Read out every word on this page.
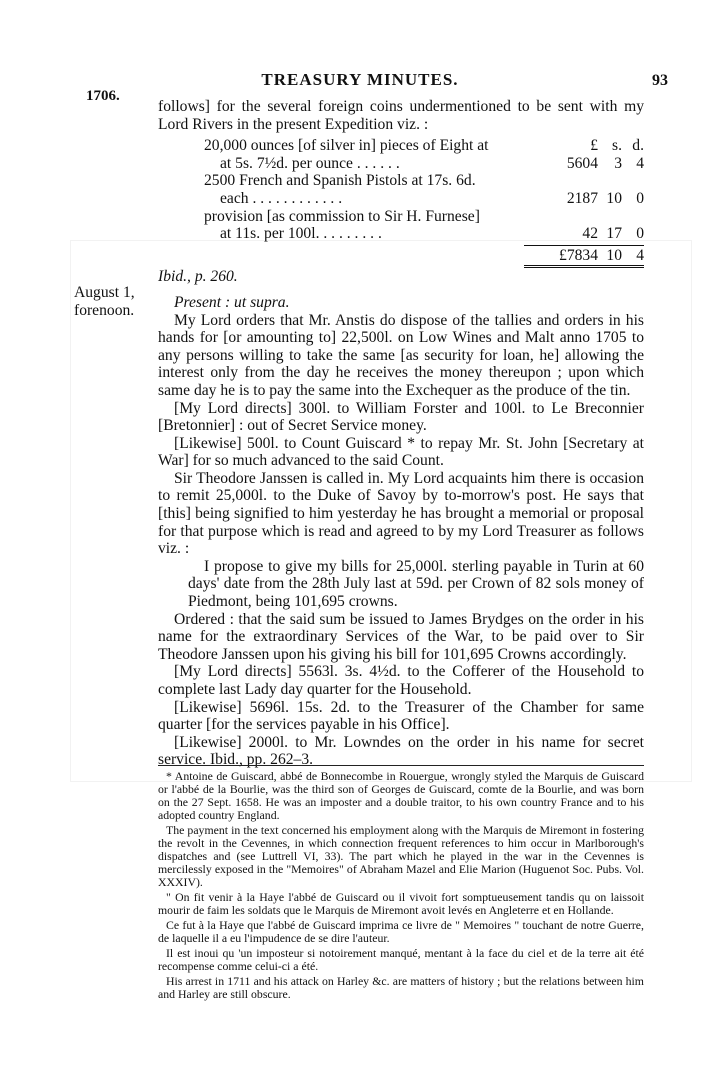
1706.
TREASURY MINUTES.	93
August 1,
forenoon.

follows] for the several foreign coins undermentioned to be sent with my Lord Rivers in the present Expedition viz. :

20,000 ounces [of silver in] pieces of Eight at	£ s. d.
at 5s. 7½d. per ounce . . . . . .	5604	3 4
2500 French and Spanish Pistols at 17s. 6d.
each . . . . . . . . . . . .	2187 10 0
provision [as commission to Sir H. Furnese]
at 11s. per 100l. . . . . . . . .	42 17 0
£7834 10 4

Ibid., p. 260.

Present : ut supra.

My Lord orders that Mr. Anstis do dispose of the tallies and orders in his hands for [or amounting to] 22,500l. on Low Wines and Malt anno 1705 to any persons willing to take the same [as security for loan, he] allowing the interest only from the day he receives the money thereupon ; upon which same day he is to pay the same into the Exchequer as the produce of the tin.

[My Lord directs] 300l. to William Forster and 100l. to Le Breconnier [Bretonnier] : out of Secret Service money.

[Likewise] 500l. to Count Guiscard * to repay Mr. St. John [Secretary at War] for so much advanced to the said Count.

Sir Theodore Janssen is called in. My Lord acquaints him there is occasion to remit 25,000l. to the Duke of Savoy by to-morrow's post. He says that [this] being signified to him yesterday he has brought a memorial or proposal for that purpose which is read and agreed to by my Lord Treasurer as follows viz. :

I propose to give my bills for 25,000l. sterling payable in Turin at 60 days' date from the 28th July last at 59d. per Crown of 82 sols money of Piedmont, being 101,695 crowns.

Ordered : that the said sum be issued to James Brydges on the order in his name for the extraordinary Services of the War, to be paid over to Sir Theodore Janssen upon his giving his bill for 101,695 Crowns accordingly.

[My Lord directs] 5563l. 3s. 4½d. to the Cofferer of the Household to complete last Lady day quarter for the Household.

[Likewise] 5696l. 15s. 2d. to the Treasurer of the Chamber for same quarter [for the services payable in his Office].

[Likewise] 2000l. to Mr. Lowndes on the order in his name for secret service. Ibid., pp. 262–3.

* Antoine de Guiscard, abbé de Bonnecombe in Rouergue, wrongly styled the Marquis de Guiscard or l'abbé de la Bourlie, was the third son of Georges de Guiscard, comte de la Bourlie, and was born on the 27 Sept. 1658. He was an imposter and a double traitor, to his own country France and to his adopted country England.

The payment in the text concerned his employment along with the Marquis de Miremont in fostering the revolt in the Cevennes, in which connection frequent references to him occur in Marlborough's dispatches and (see Luttrell VI, 33). The part which he played in the war in the Cevennes is mercilessly exposed in the "Memoires" of Abraham Mazel and Elie Marion (Huguenot Soc. Pubs. Vol. XXXIV).

" On fit venir à la Haye l'abbé de Guiscard ou il vivoit fort somptueusement tandis qu on laissoit mourir de faim les soldats que le Marquis de Miremont avoit levés en Angleterre et en Hollande.

Ce fut à la Haye que l'abbé de Guiscard imprima ce livre de " Memoires " touchant de notre Guerre, de laquelle il a eu l'impudence de se dire l'auteur.

Il est inoui qu 'un imposteur si notoirement manqué, mentant à la face du ciel et de la terre ait été recompense comme celui-ci a été.

His arrest in 1711 and his attack on Harley &c. are matters of history ; but the relations between him and Harley are still obscure.
